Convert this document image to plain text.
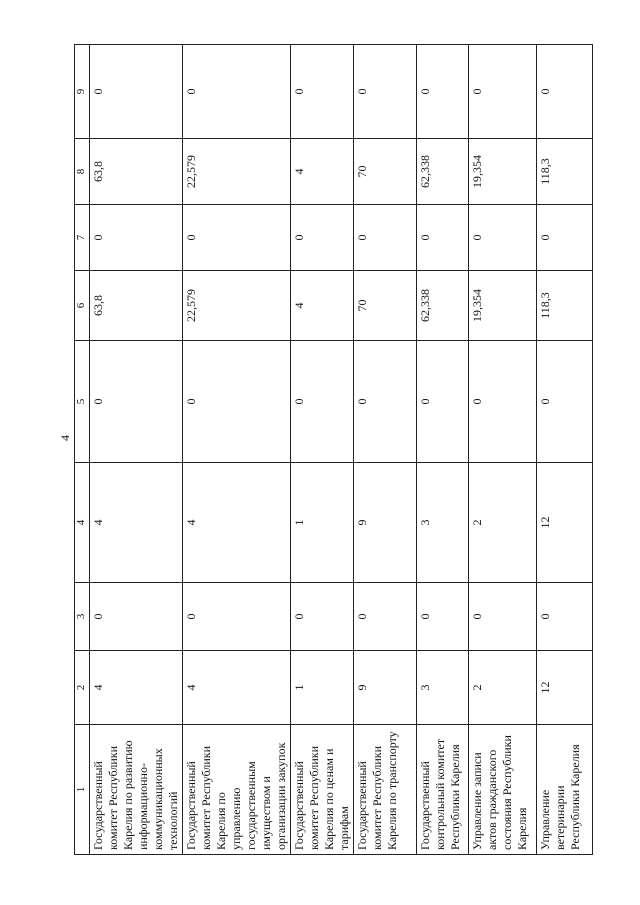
4
1	2	3	4	5	6	7	8	9
Государственный комитет Республики Карелия по развитию информационно-коммуникационных технологий	4	0	4	0	63,8	0	63,8	0
Государственный комитет Республики Карелия по управлению государственным имуществом и организации закупок	4	0	4	0	22,579	0	22,579	0
Государственный комитет Республики Карелия по ценам и тарифам	1	0	1	0	4	0	4	0
Государственный комитет Республики Карелия по транспорту	9	0	9	0	70	0	70	0
Государственный контрольный комитет Республики Карелия	3	0	3	0	62,338	0	62,338	0
Управление записи актов гражданского состояния Республики Карелия	2	0	2	0	19,354	0	19,354	0
Управление ветеринарии Республики Карелия	12	0	12	0	118,3	0	118,3	0
